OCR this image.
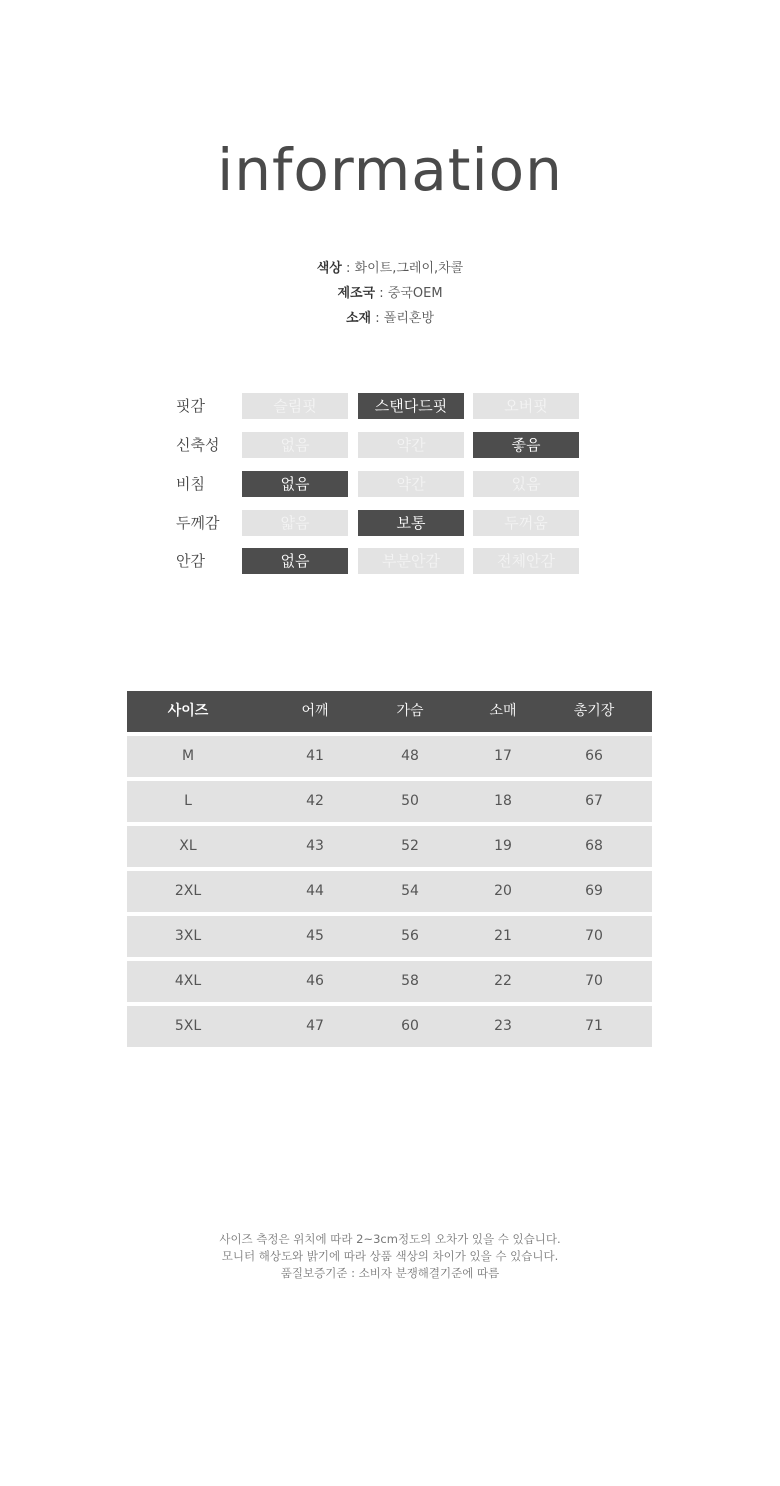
information
색상 : 화이트,그레이,차콜
제조국 : 중국OEM
소재 : 폴리혼방
핏감	슬림핏	스탠다드핏	오버핏
신축성	없음	약간	좋음
비침	없음	약간	있음
두께감	얇음	보통	두꺼움
안감	없음	부분안감	전체안감
사이즈	어깨	가슴	소매	총기장
M	41	48	17	66
L	42	50	18	67
XL	43	52	19	68
2XL	44	54	20	69
3XL	45	56	21	70
4XL	46	58	22	70
5XL	47	60	23	71
사이즈 측정은 위치에 따라 2~3cm정도의 오차가 있을 수 있습니다.
모니터 해상도와 밝기에 따라 상품 색상의 차이가 있을 수 있습니다.
품질보증기준 : 소비자 분쟁해결기준에 따름
